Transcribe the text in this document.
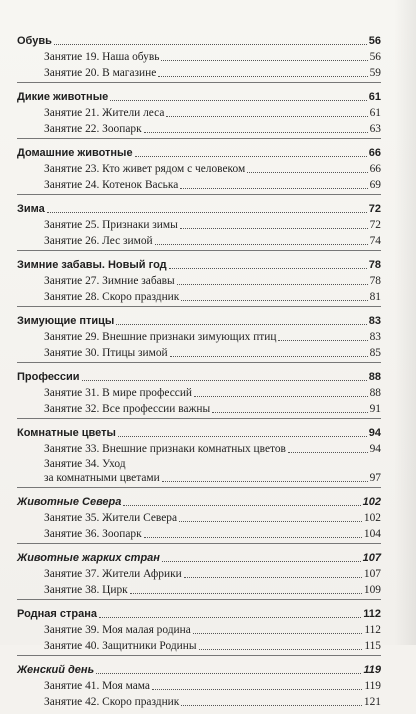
Обувь	56
Занятие 19. Наша обувь	56
Занятие 20. В магазине	59
Дикие животные	61
Занятие 21. Жители леса	61
Занятие 22. Зоопарк	63
Домашние животные	66
Занятие 23. Кто живет рядом с человеком	66
Занятие 24. Котенок Васька	69
Зима	72
Занятие 25. Признаки зимы	72
Занятие 26. Лес зимой	74
Зимние забавы. Новый год	78
Занятие 27. Зимние забавы	78
Занятие 28. Скоро праздник	81
Зимующие птицы	83
Занятие 29. Внешние признаки зимующих птиц	83
Занятие 30. Птицы зимой	85
Профессии	88
Занятие 31. В мире профессий	88
Занятие 32. Все профессии важны	91
Комнатные цветы	94
Занятие 33. Внешние признаки комнатных цветов	94
Занятие 34. Уход
за комнатными цветами	97
Животные Севера	102
Занятие 35. Жители Севера	102
Занятие 36. Зоопарк	104
Животные жарких стран	107
Занятие 37. Жители Африки	107
Занятие 38. Цирк	109
Родная страна	112
Занятие 39. Моя малая родина	112
Занятие 40. Защитники Родины	115
Женский день	119
Занятие 41. Моя мама	119
Занятие 42. Скоро праздник	121
